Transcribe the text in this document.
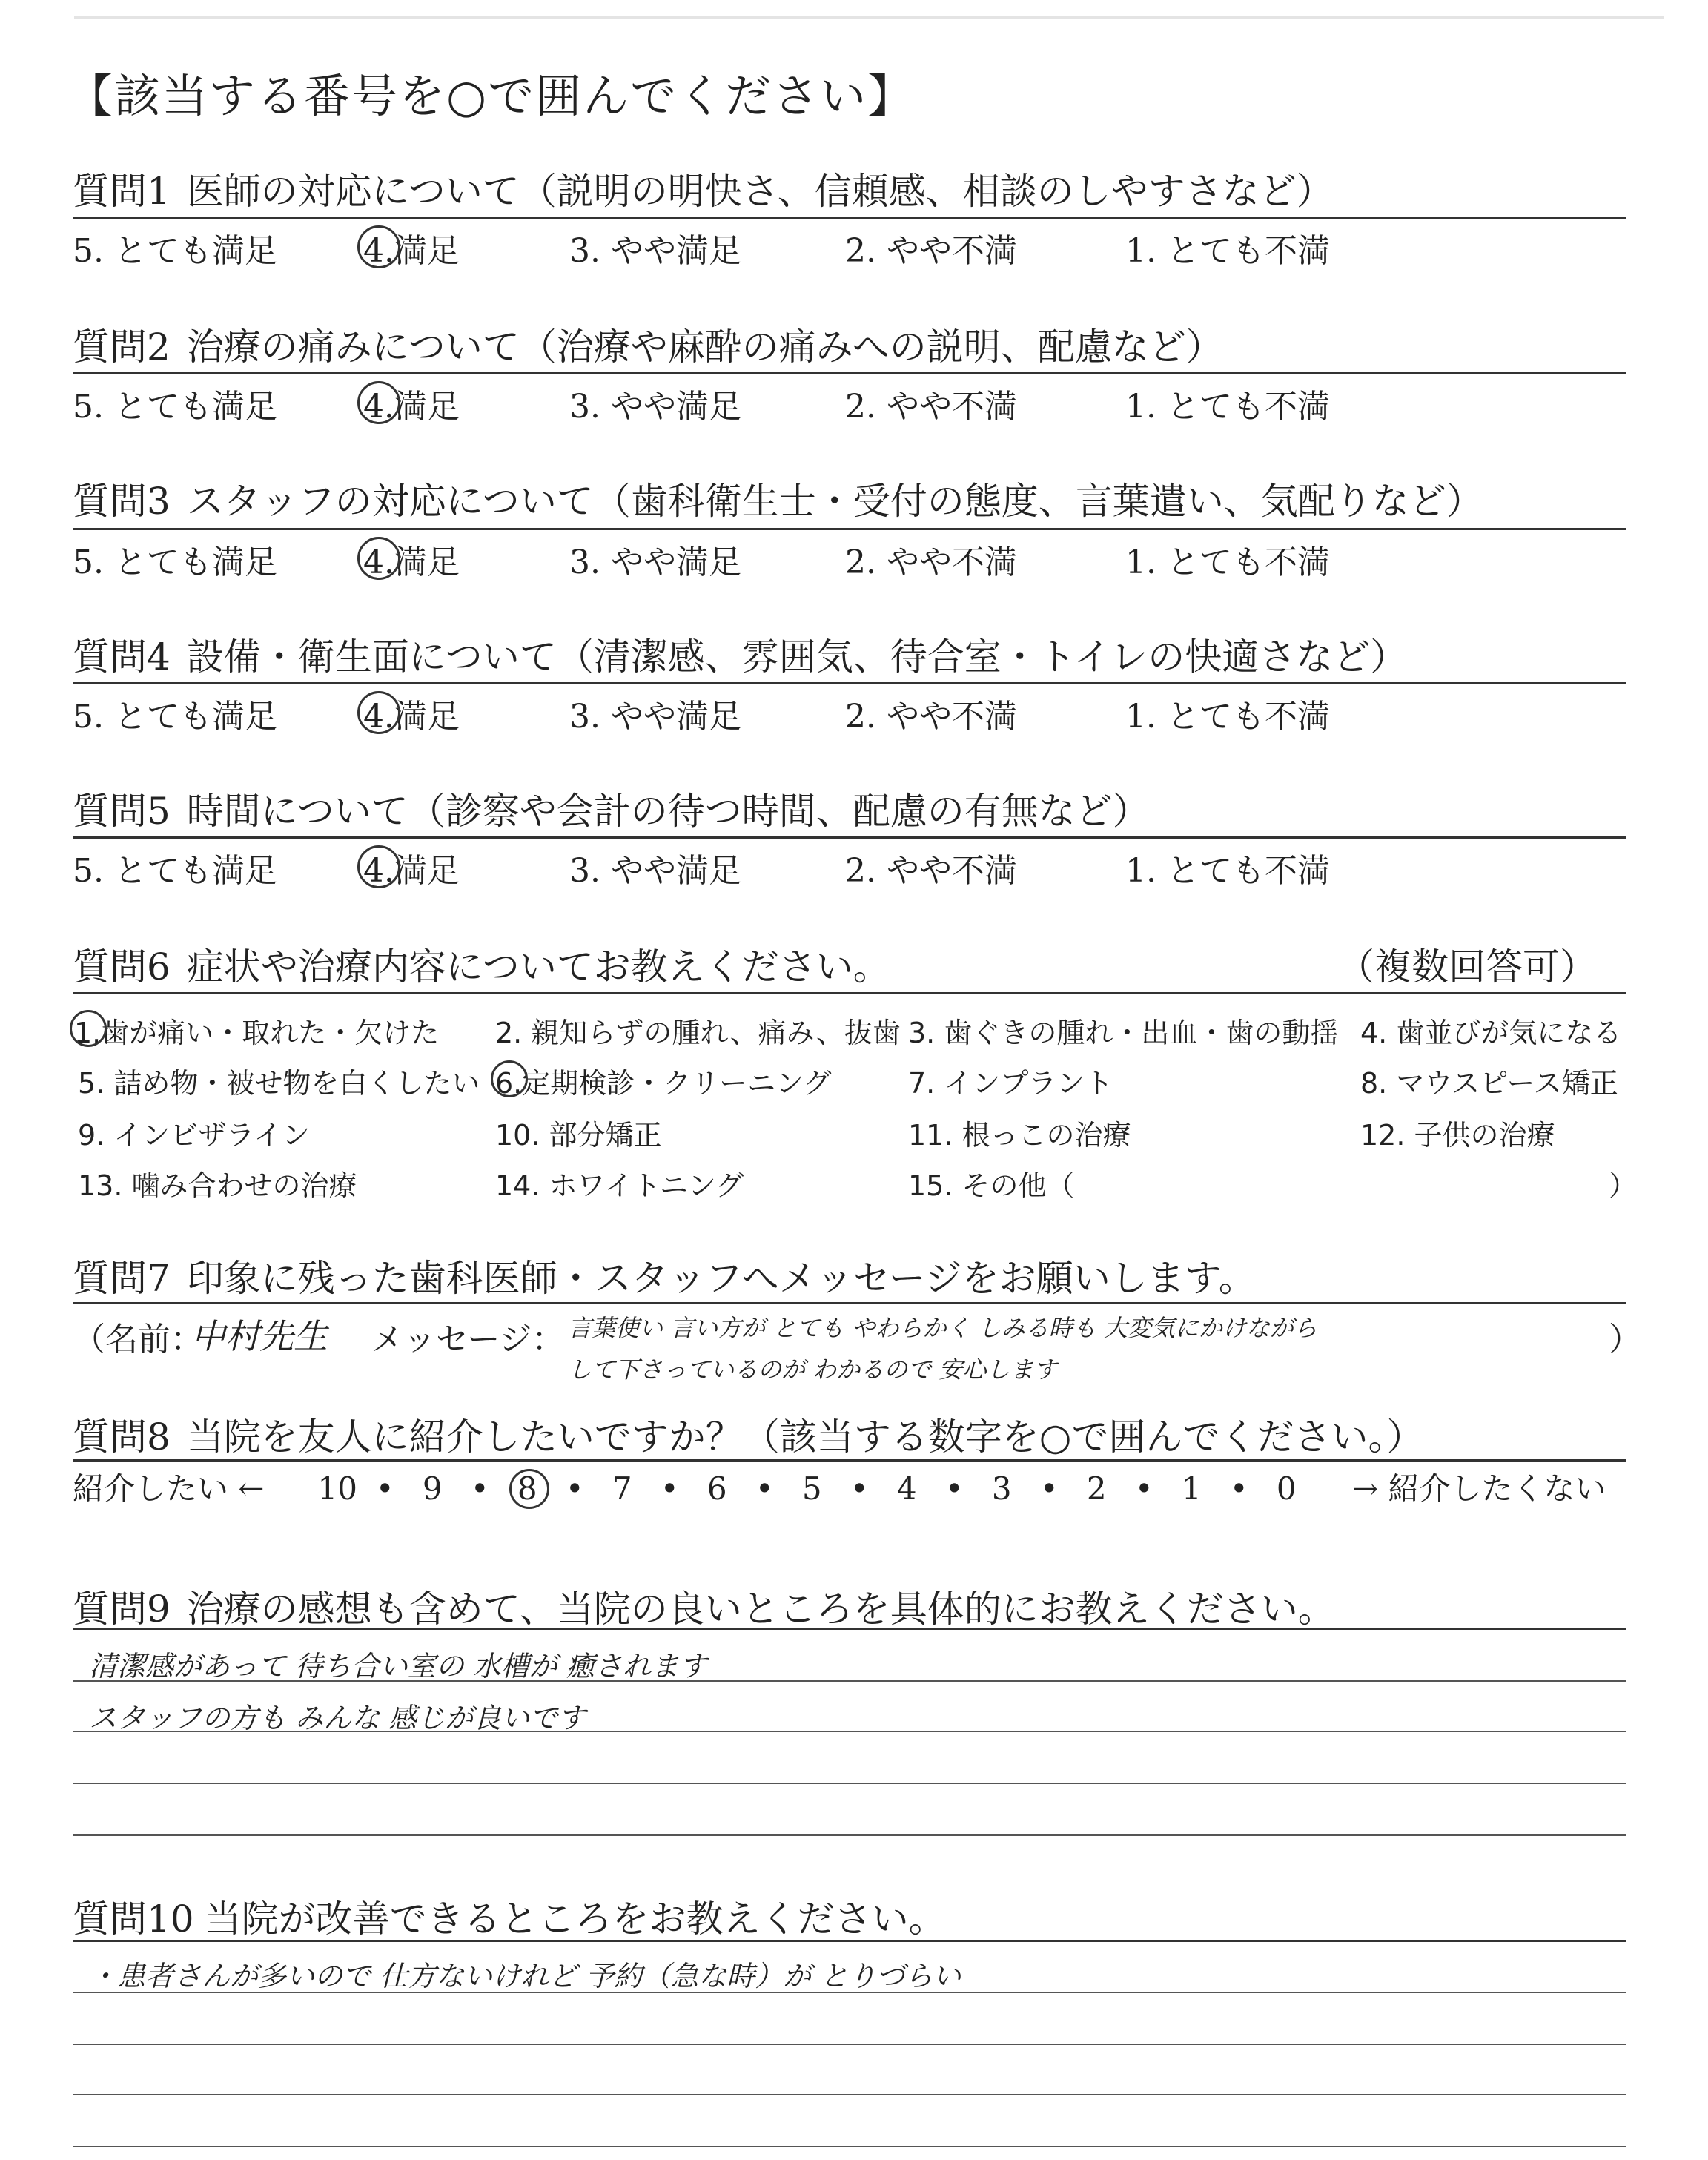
【該当する番号を○で囲んでください】
質問1 医師の対応について（説明の明快さ、信頼感、相談のしやすさなど）
5. とても満足	4.満足	3. やや満足	2. やや不満	1. とても不満
質問2 治療の痛みについて（治療や麻酔の痛みへの説明、配慮など）
5. とても満足	4.満足	3. やや満足	2. やや不満	1. とても不満
質問3 スタッフの対応について（歯科衛生士・受付の態度、言葉遣い、気配りなど）
5. とても満足	4.満足	3. やや満足	2. やや不満	1. とても不満
質問4 設備・衛生面について（清潔感、雰囲気、待合室・トイレの快適さなど）
5. とても満足	4.満足	3. やや満足	2. やや不満	1. とても不満
質問5 時間について（診察や会計の待つ時間、配慮の有無など）
5. とても満足	4.満足	3. やや満足	2. やや不満	1. とても不満
質問6 症状や治療内容についてお教えください。	（複数回答可）
1.歯が痛い・取れた・欠けた 2. 親知らずの腫れ、痛み、抜歯 3. 歯ぐきの腫れ・出血・歯の動揺 4. 歯並びが気になる
5. 詰め物・被せ物を白くしたい 6.定期検診・クリーニング	7. インプラント	8. マウスピース矯正
9. インビザライン	10. 部分矯正	11. 根っこの治療	12. 子供の治療
13. 噛み合わせの治療	14. ホワイトニング	15. その他（	）
質問7 印象に残った歯科医師・スタッフへメッセージをお願いします。
（名前：
中村先生 メッセージ： 言葉使い 言い方が とても やわらかく しみる時も 大変気にかけながら	）
して下さっているのが わかるので 安心します
質問8 当院を友人に紹介したいですか？（該当する数字を○で囲んでください。）
紹介したい ← 10 • 9 • 8 • 7 • 6 • 5 • 4 • 3 • 2 • 1 • 0 → 紹介したくない
質問9 治療の感想も含めて、当院の良いところを具体的にお教えください。
清潔感があって 待ち合い室の 水槽が 癒されます
スタッフの方も みんな 感じが良いです
質問10 当院が改善できるところをお教えください。
・患者さんが多いので 仕方ないけれど 予約（急な時）が とりづらい
